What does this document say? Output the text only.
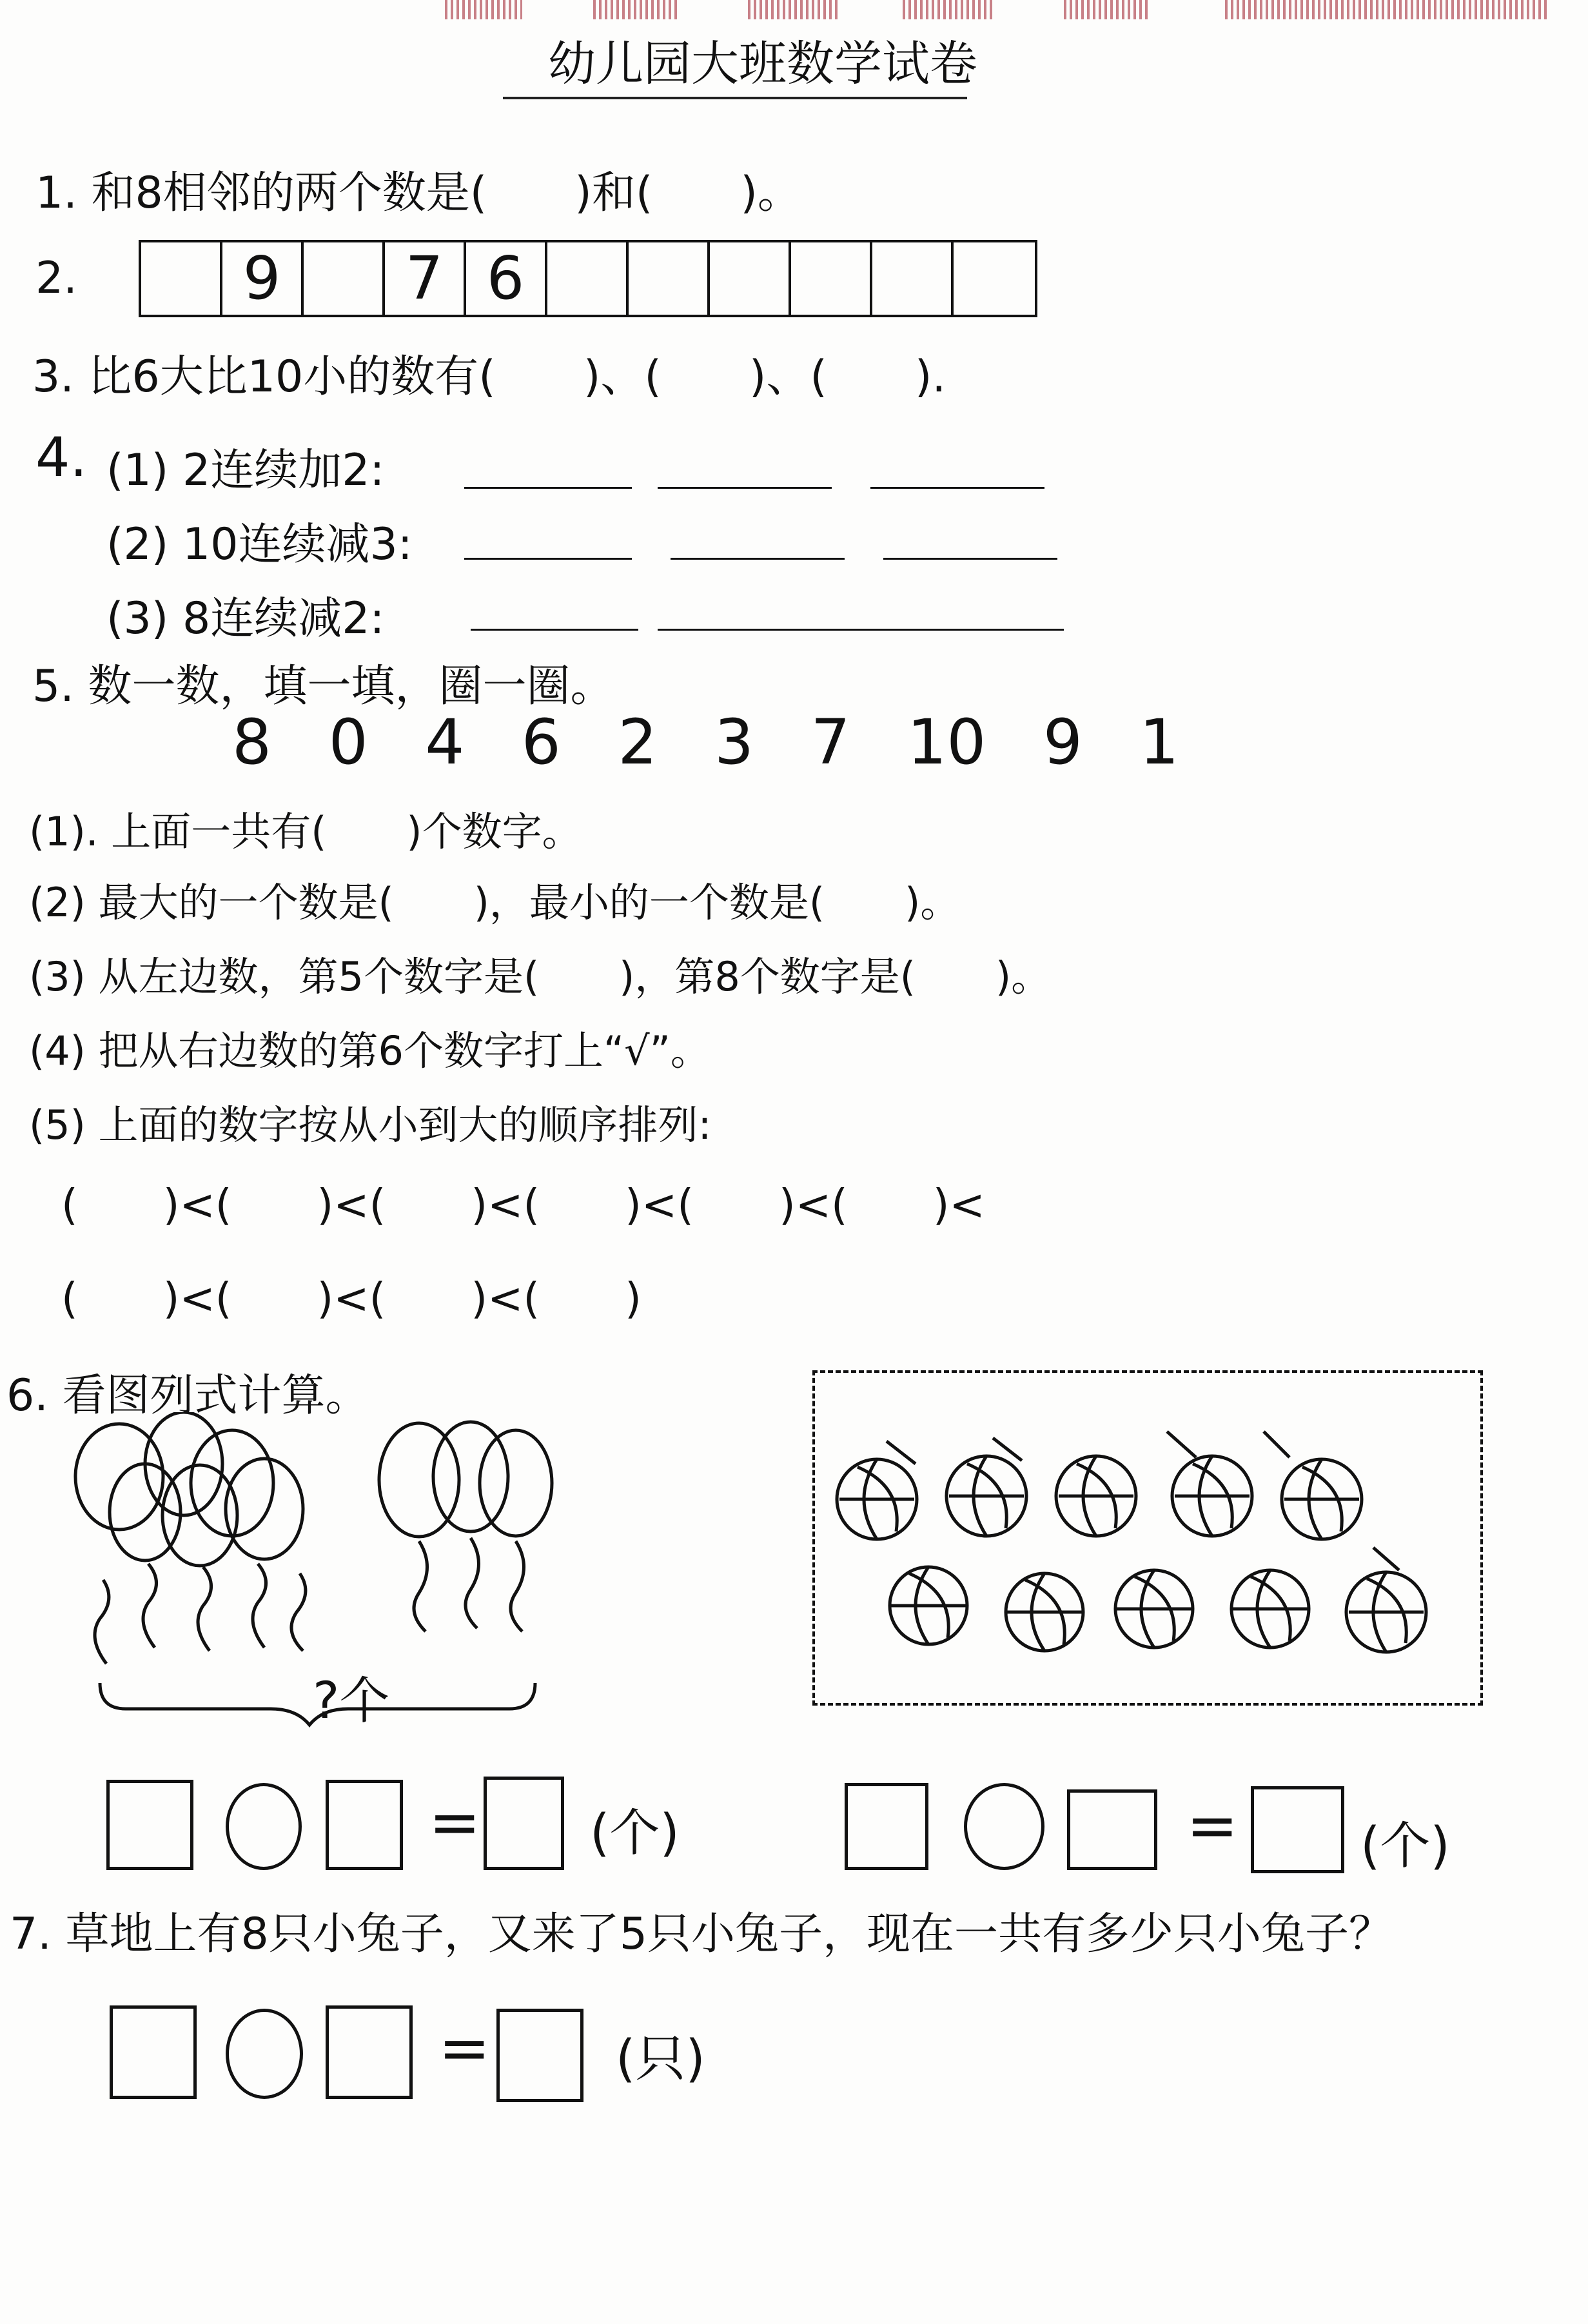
幼儿园大班数学试卷
1. 和8相邻的两个数是(　　)和(　　)。
2.	9	7 6
3. 比6大比10小的数有(　　)、(　　)、(　　).
4. (1) 2连续加2:
(2) 10连续减3:
(3) 8连续减2:
5. 数一数，填一填，圈一圈。
8 0 4 6 2 3 7 10 9 1
(1). 上面一共有(　　)个数字。
(2) 最大的一个数是(　　)，最小的一个数是(　　)。
(3) 从左边数，第5个数字是(　　)，第8个数字是(　　)。
(4) 把从右边数的第6个数字打上“√”。
(5) 上面的数字按从小到大的顺序排列:
(　　)<(　　)<(　　)<(　　)<(　　)<(　　)<
(　　)<(　　)<(　　)<(　　)
6. 看图列式计算。
?个
= (个)	= (个)
7. 草地上有8只小兔子，又来了5只小兔子，现在一共有多少只小兔子？
= (只)
